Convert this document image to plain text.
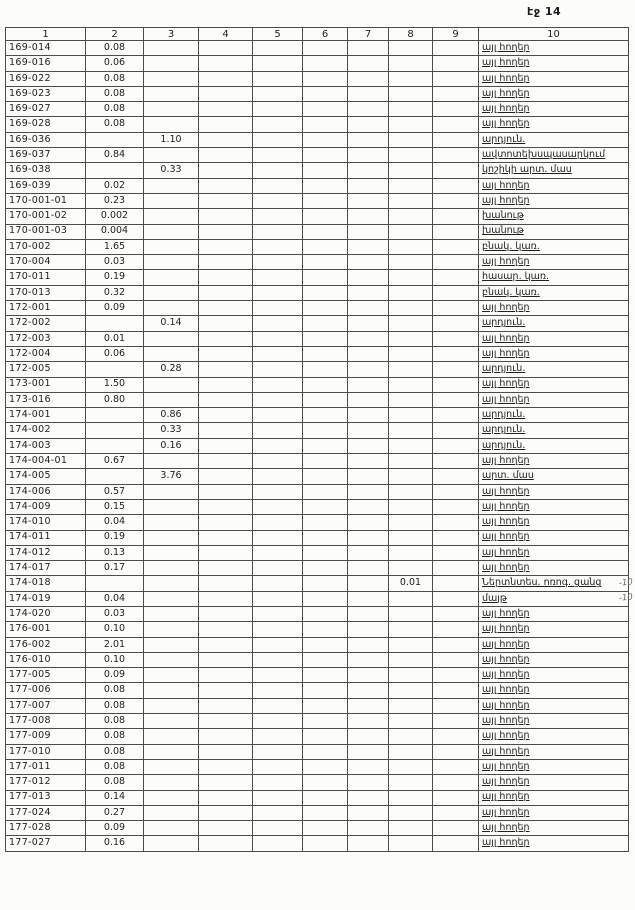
էջ 14
1	2	3	4	5	6	7	8	9	10
169-014	0.08								այլ հողեր
169-016	0.06								այլ հողեր
169-022	0.08								այլ հողեր
169-023	0.08								այլ հողեր
169-027	0.08								այլ հողեր
169-028	0.08								այլ հողեր
169-036		1.10							արդյուն.
169-037	0.84								ավտոտեխսպասարկում
169-038		0.33							կոշիկի արտ. մաս
169-039	0.02								այլ հողեր
170-001-01	0.23								այլ հողեր
170-001-02	0.002								խանութ
170-001-03	0.004								խանութ
170-002	1.65								բնակ. կառ.
170-004	0.03								այլ հողեր
170-011	0.19								հասար. կառ.
170-013	0.32								բնակ. կառ.
172-001	0.09								այլ հողեր
172-002		0.14							արդյուն.
172-003	0.01								այլ հողեր
172-004	0.06								այլ հողեր
172-005		0.28							արդյուն.
173-001	1.50								այլ հողեր
173-016	0.80								այլ հողեր
174-001		0.86							արդյուն.
174-002		0.33							արդյուն.
174-003		0.16							արդյուն.
174-004-01	0.67								այլ հողեր
174-005		3.76							արտ. մաս
174-006	0.57								այլ հողեր
174-009	0.15								այլ հողեր
174-010	0.04								այլ հողեր
174-011	0.19								այլ հողեր
174-012	0.13								այլ հողեր
174-017	0.17								այլ հողեր
174-018							0.01		Ներտնտես. ոռոգ. ցանց
174-019	0.04								մայթ
174-020	0.03								այլ հողեր
176-001	0.10								այլ հողեր
176-002	2.01								այլ հողեր
176-010	0.10								այլ հողեր
177-005	0.09								այլ հողեր
177-006	0.08								այլ հողեր
177-007	0.08								այլ հողեր
177-008	0.08								այլ հողեր
177-009	0.08								այլ հողեր
177-010	0.08								այլ հողեր
177-011	0.08								այլ հողեր
177-012	0.08								այլ հողեր
177-013	0.14								այլ հողեր
177-024	0.27								այլ հողեր
177-028	0.09								այլ հողեր
177-027	0.16								այլ հողեր
-10
-10
